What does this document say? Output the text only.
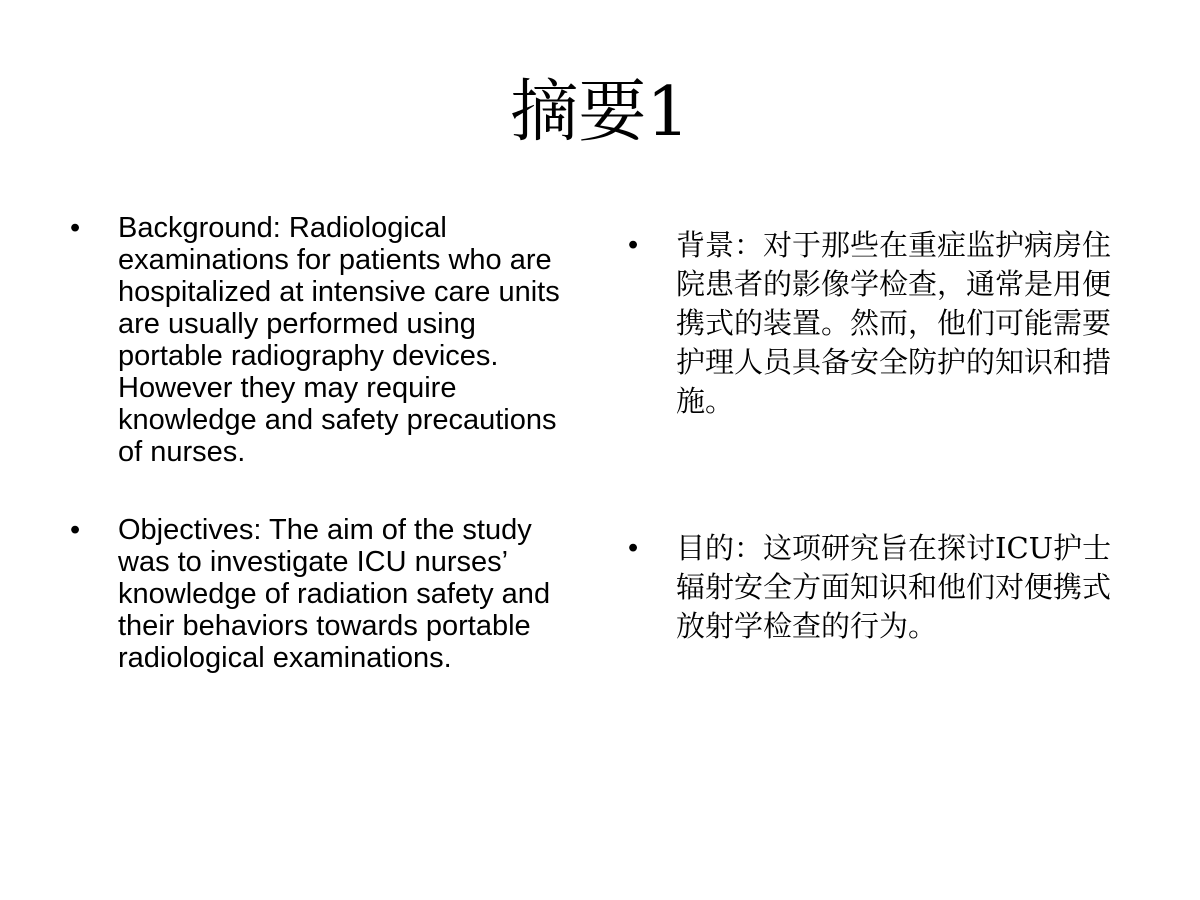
摘要1
• Background: Radiological examinations for patients who are hospitalized at intensive care units are usually performed using portable radiography devices. However they may require knowledge and safety precautions of nurses.
• Objectives: The aim of the study was to investigate ICU nurses’ knowledge of radiation safety and their behaviors towards portable radiological examinations.
• 背景：对于那些在重症监护病房住院患者的影像学检查，通常是用便携式的装置。然而，他们可能需要护理人员具备安全防护的知识和措施。
• 目的：这项研究旨在探讨ICU护士辐射安全方面知识和他们对便携式放射学检查的行为。
